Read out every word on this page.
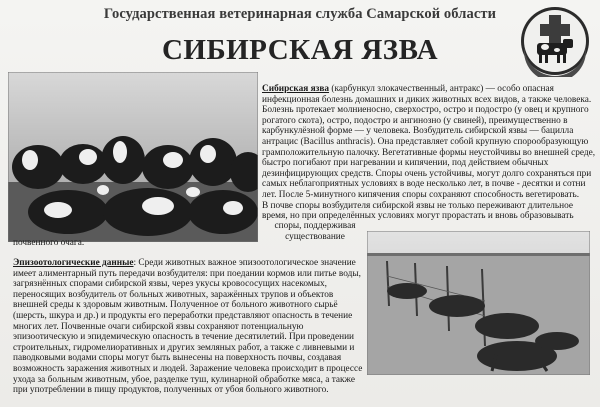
Государственная ветеринарная служба Самарской области
СИБИРСКАЯ ЯЗВА
Сибирская язва (карбункул злокачественный, антракс) — особо опасная
инфекционная болезнь домашних и диких животных всех видов, а также человека.
Болезнь протекает молниеносно, сверхостро, остро и подостро (у овец и крупного
рогатого скота), остро, подостро и ангинозно (у свиней), преимущественно в
карбункулёзной форме — у человека. Возбудитель сибирской язвы — бацилла
антрацис (Bacillus anthracis). Она представляет собой крупную спорообразующую
грамположительную палочку. Вегетативные формы неустойчивы во внешней среде,
быстро погибают при нагревании и кипячении, под действием обычных
дезинфицирующих средств. Споры очень устойчивы, могут долго сохраняться при
самых неблагоприятных условиях в воде несколько лет, в почве - десятки и сотни
лет. После 5-минутного кипячения споры сохраняют способность вегетировать.
В почве споры возбудителя сибирской язвы не только переживают длительное
время, но при определённых условиях могут прорастать и вновь образовывать
споры, поддерживая
существование
почвенного очага.
Эпизоотологические данные: Среди животных важное эпизоотологическое значение
имеет алиментарный путь передачи возбудителя: при поедании кормов или питье воды,
загрязнённых спорами сибирской язвы, через укусы кровососущих насекомых,
переносящих возбудитель от больных животных, заражённых трупов и объектов
внешней среды к здоровым животным. Полученное от больного животного сырьё
(шерсть, шкура и др.) и продукты его переработки представляют опасность в течение
многих лет. Почвенные очаги сибирской язвы сохраняют потенциальную
эпизоотическую и эпидемическую опасность в течение десятилетий. При проведении
строительных, гидромелиоративных и других земляных работ, а также с ливневыми и
паводковыми водами споры могут быть вынесены на поверхность почвы, создавая
возможность заражения животных и людей. Заражение человека происходит в процессе
ухода за больным животным, убое, разделке туш, кулинарной обработке мяса, а также
при употреблении в пищу продуктов, полученных от убоя больного животного.
